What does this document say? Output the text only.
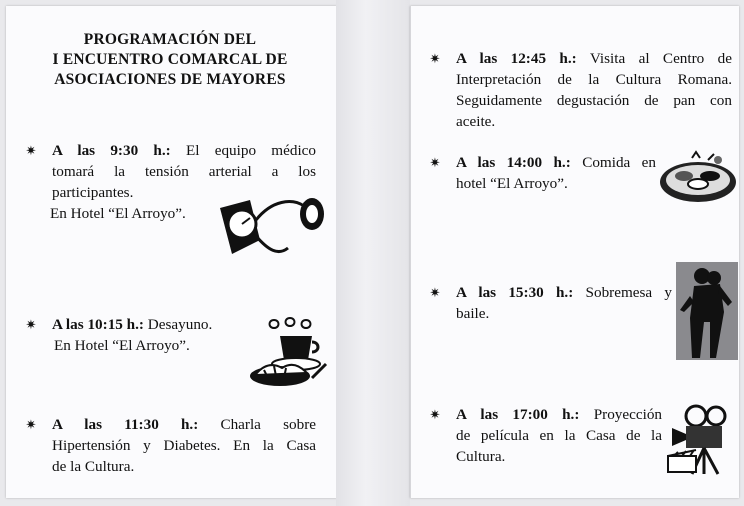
PROGRAMACIÓN DEL
I ENCUENTRO COMARCAL DE
ASOCIACIONES DE MAYORES
✷ A las 9:30 h.: El equipo médico
tomará la tensión arterial a los
participantes.
En Hotel “El Arroyo”.
✷ A las 10:15 h.: Desayuno.
En Hotel “El Arroyo”.
✷ A las 11:30 h.: Charla sobre
Hipertensión y Diabetes. En la Casa
de la Cultura.
✷ A las 12:45 h.: Visita al Centro de
Interpretación de la Cultura Romana.
Seguidamente degustación de pan con
aceite.
✷ A las 14:00 h.: Comida en
hotel “El Arroyo”.
✷ A las 15:30 h.: Sobremesa y
baile.
✷ A las 17:00 h.: Proyección
de película en la Casa de la
Cultura.
